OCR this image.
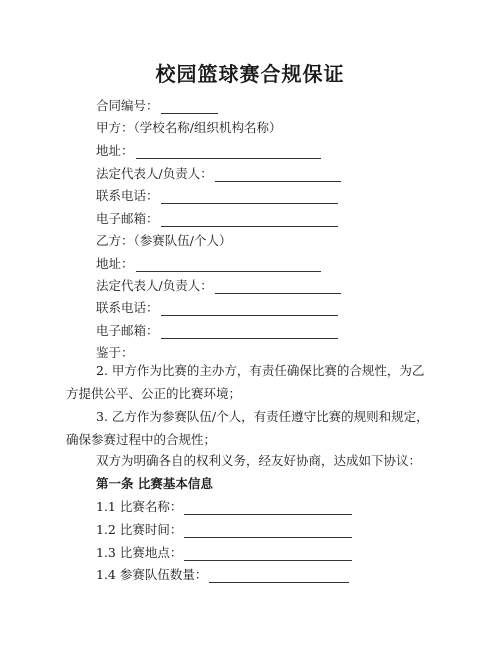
校园篮球赛合规保证
合同编号：
甲方：（学校名称/组织机构名称）
地址：
法定代表人/负责人：
联系电话：
电子邮箱：
乙方：（参赛队伍/个人）
地址：
法定代表人/负责人：
联系电话：
电子邮箱：
鉴于：
2. 甲方作为比赛的主办方，有责任确保比赛的合规性，为乙方提供公平、公正的比赛环境；
3. 乙方作为参赛队伍/个人，有责任遵守比赛的规则和规定，确保参赛过程中的合规性；
双方为明确各自的权利义务，经友好协商，达成如下协议：
第一条 比赛基本信息
1.1 比赛名称：
1.2 比赛时间：
1.3 比赛地点：
1.4 参赛队伍数量：
